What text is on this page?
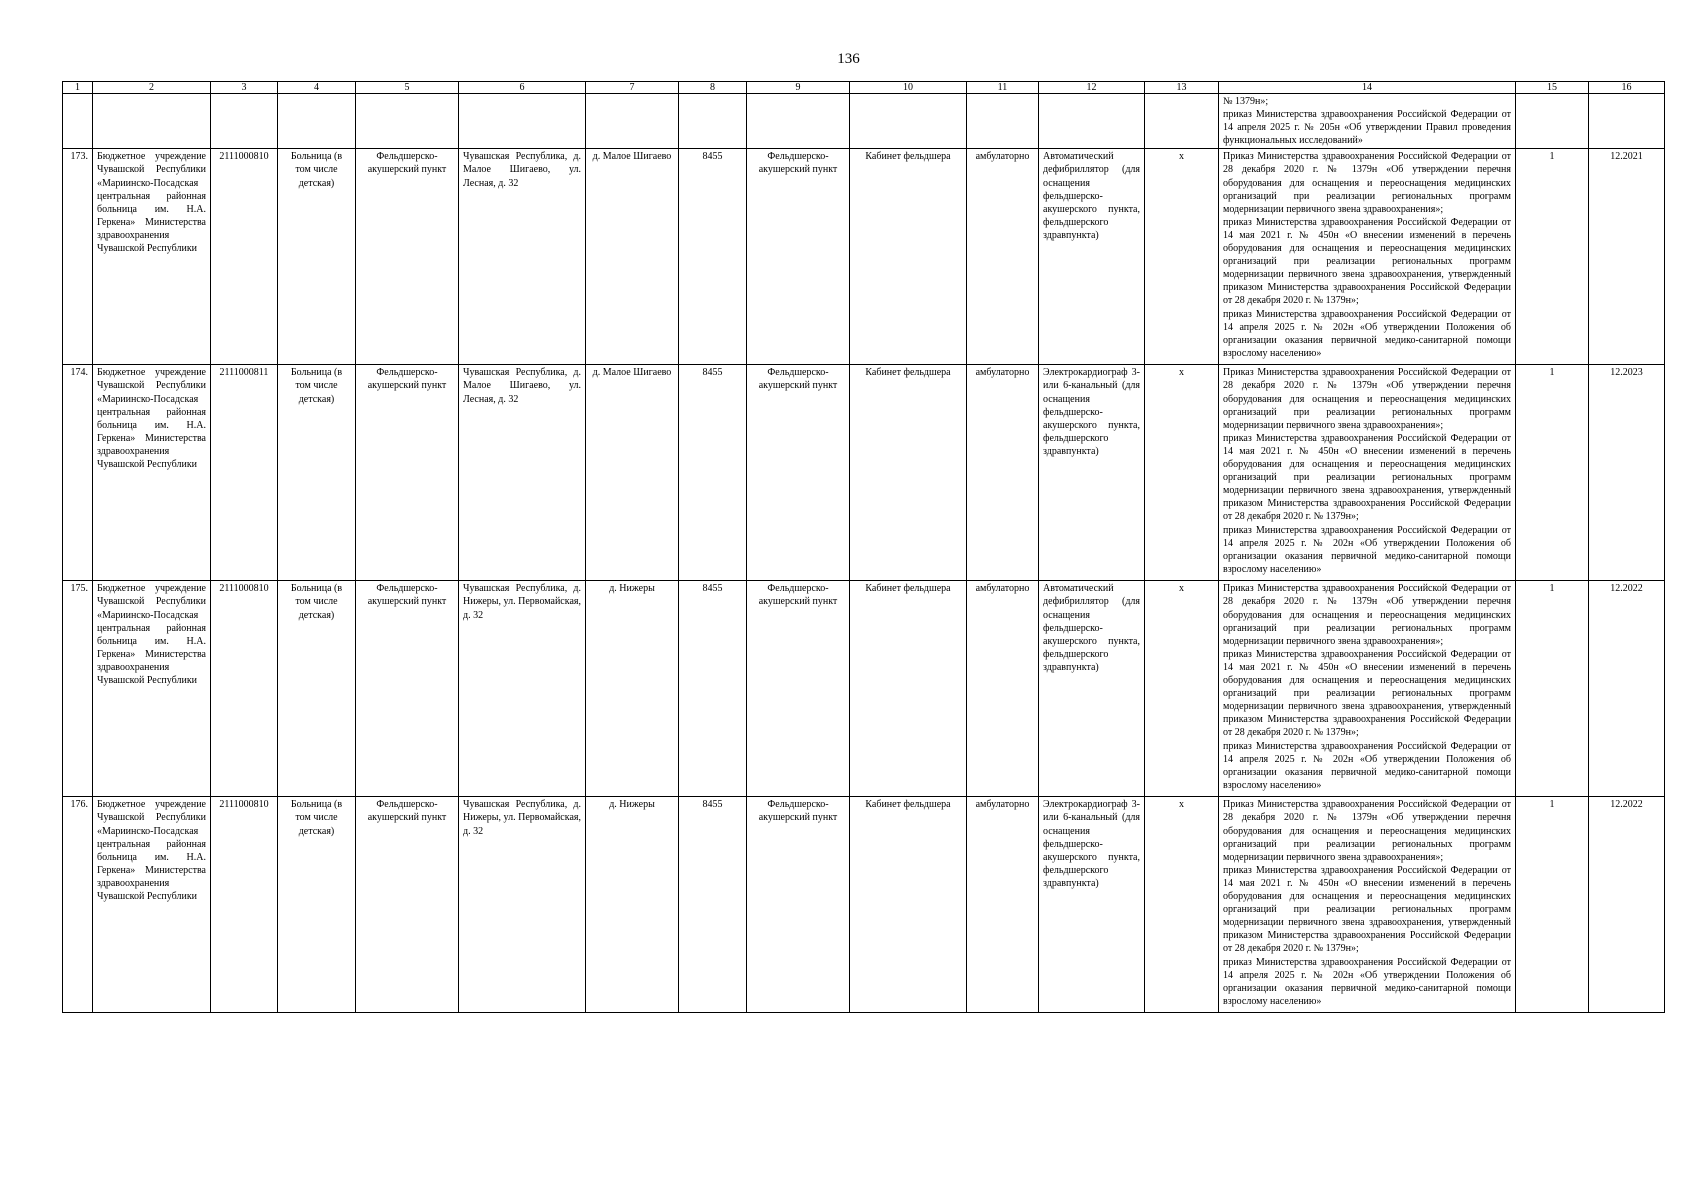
136
1	2	3	4	5	6	7	8	9	10	11	12	13	14	15	16
													№ 1379н»;
приказ Министерства здравоохранения Российской Федерации от 14 апреля 2025 г. № 205н «Об утверждении Правил проведения функциональных исследований»		
173.	Бюджетное учреждение Чувашской Республики «Мариинско-Посадская центральная районная больница им. Н.А. Геркена» Министерства здравоохранения Чувашской Республики	2111000810	Больница (в том числе детская)	Фельдшерско-акушерский пункт	Чувашская Республика, д. Малое Шигаево, ул. Лесная, д. 32	д. Малое Шигаево	8455	Фельдшерско-акушерский пункт	Кабинет фельдшера	амбулаторно	Автоматический дефибриллятор (для оснащения фельдшерско-акушерского пункта, фельдшерского здравпункта)	x	Приказ Министерства здравоохранения Российской Федерации от 28 декабря 2020 г. № 1379н «Об утверждении перечня оборудования для оснащения и переоснащения медицинских организаций при реализации региональных программ модернизации первичного звена здравоохранения»;
приказ Министерства здравоохранения Российской Федерации от 14 мая 2021 г. № 450н «О внесении изменений в перечень оборудования для оснащения и переоснащения медицинских организаций при реализации региональных программ модернизации первичного звена здравоохранения, утвержденный приказом Министерства здравоохранения Российской Федерации от 28 декабря 2020 г. № 1379н»;
приказ Министерства здравоохранения Российской Федерации от 14 апреля 2025 г. № 202н «Об утверждении Положения об организации оказания первичной медико-санитарной помощи взрослому населению»	1	12.2021
174.	Бюджетное учреждение Чувашской Республики «Мариинско-Посадская центральная районная больница им. Н.А. Геркена» Министерства здравоохранения Чувашской Республики	2111000811	Больница (в том числе детская)	Фельдшерско-акушерский пункт	Чувашская Республика, д. Малое Шигаево, ул. Лесная, д. 32	д. Малое Шигаево	8455	Фельдшерско-акушерский пункт	Кабинет фельдшера	амбулаторно	Электрокардиограф 3- или 6-канальный (для оснащения фельдшерско-акушерского пункта, фельдшерского здравпункта)	x	Приказ Министерства здравоохранения Российской Федерации от 28 декабря 2020 г. № 1379н «Об утверждении перечня оборудования для оснащения и переоснащения медицинских организаций при реализации региональных программ модернизации первичного звена здравоохранения»;
приказ Министерства здравоохранения Российской Федерации от 14 мая 2021 г. № 450н «О внесении изменений в перечень оборудования для оснащения и переоснащения медицинских организаций при реализации региональных программ модернизации первичного звена здравоохранения, утвержденный приказом Министерства здравоохранения Российской Федерации от 28 декабря 2020 г. № 1379н»;
приказ Министерства здравоохранения Российской Федерации от 14 апреля 2025 г. № 202н «Об утверждении Положения об организации оказания первичной медико-санитарной помощи взрослому населению»	1	12.2023
175.	Бюджетное учреждение Чувашской Республики «Мариинско-Посадская центральная районная больница им. Н.А. Геркена» Министерства здравоохранения Чувашской Республики	2111000810	Больница (в том числе детская)	Фельдшерско-акушерский пункт	Чувашская Республика, д. Нижеры, ул. Первомайская, д. 32	д. Нижеры	8455	Фельдшерско-акушерский пункт	Кабинет фельдшера	амбулаторно	Автоматический дефибриллятор (для оснащения фельдшерско-акушерского пункта, фельдшерского здравпункта)	x	Приказ Министерства здравоохранения Российской Федерации от 28 декабря 2020 г. № 1379н «Об утверждении перечня оборудования для оснащения и переоснащения медицинских организаций при реализации региональных программ модернизации первичного звена здравоохранения»;
приказ Министерства здравоохранения Российской Федерации от 14 мая 2021 г. № 450н «О внесении изменений в перечень оборудования для оснащения и переоснащения медицинских организаций при реализации региональных программ модернизации первичного звена здравоохранения, утвержденный приказом Министерства здравоохранения Российской Федерации от 28 декабря 2020 г. № 1379н»;
приказ Министерства здравоохранения Российской Федерации от 14 апреля 2025 г. № 202н «Об утверждении Положения об организации оказания первичной медико-санитарной помощи взрослому населению»	1	12.2022
176.	Бюджетное учреждение Чувашской Республики «Мариинско-Посадская центральная районная больница им. Н.А. Геркена» Министерства здравоохранения Чувашской Республики	2111000810	Больница (в том числе детская)	Фельдшерско-акушерский пункт	Чувашская Республика, д. Нижеры, ул. Первомайская, д. 32	д. Нижеры	8455	Фельдшерско-акушерский пункт	Кабинет фельдшера	амбулаторно	Электрокардиограф 3- или 6-канальный (для оснащения фельдшерско-акушерского пункта, фельдшерского здравпункта)	x	Приказ Министерства здравоохранения Российской Федерации от 28 декабря 2020 г. № 1379н «Об утверждении перечня оборудования для оснащения и переоснащения медицинских организаций при реализации региональных программ модернизации первичного звена здравоохранения»;
приказ Министерства здравоохранения Российской Федерации от 14 мая 2021 г. № 450н «О внесении изменений в перечень оборудования для оснащения и переоснащения медицинских организаций при реализации региональных программ модернизации первичного звена здравоохранения, утвержденный приказом Министерства здравоохранения Российской Федерации от 28 декабря 2020 г. № 1379н»;
приказ Министерства здравоохранения Российской Федерации от 14 апреля 2025 г. № 202н «Об утверждении Положения об организации оказания первичной медико-санитарной помощи взрослому населению»	1	12.2022
